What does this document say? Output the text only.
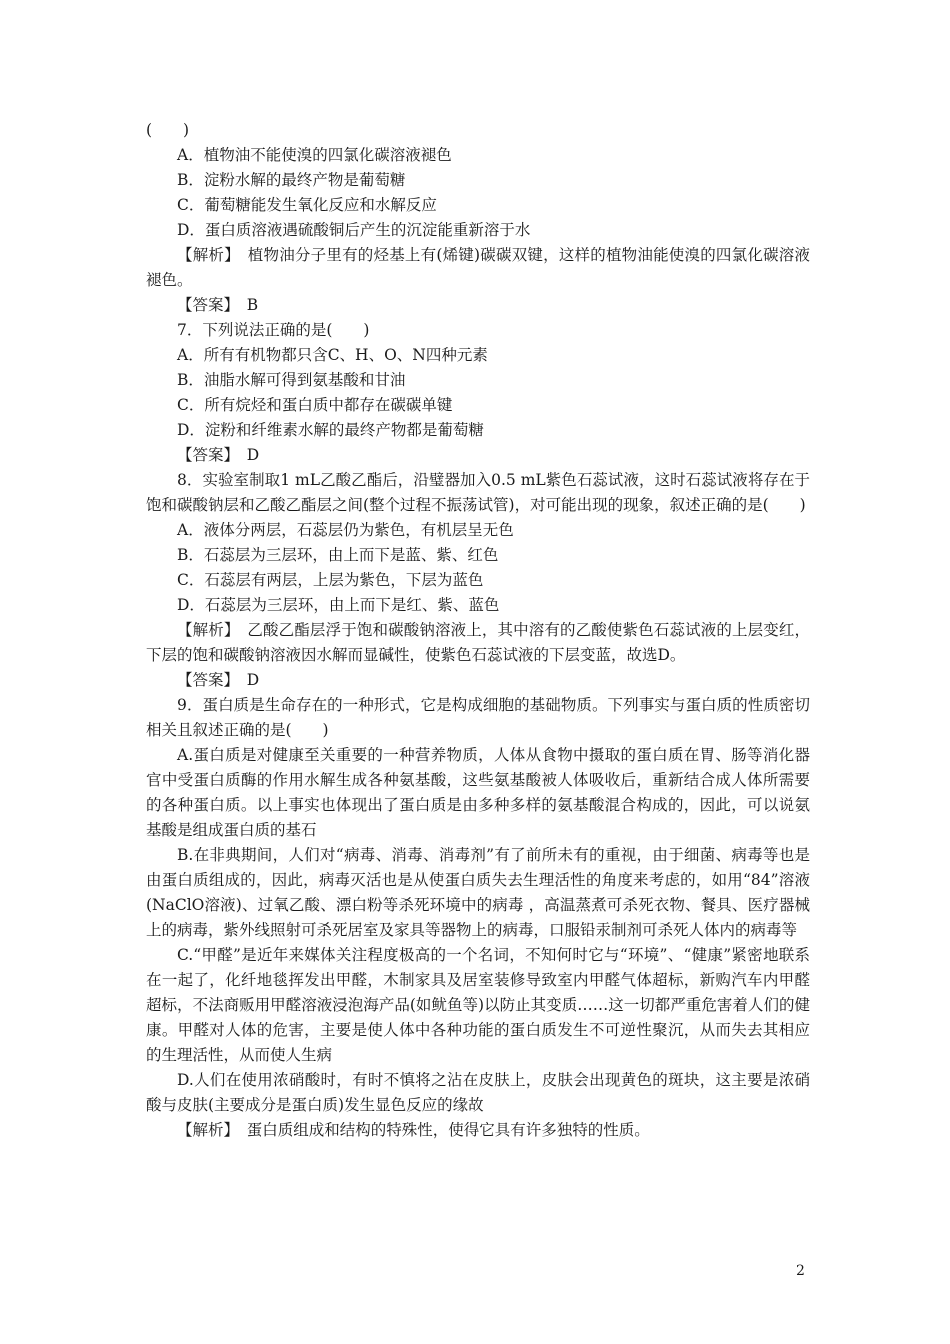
(　　)
A．植物油不能使溴的四氯化碳溶液褪色
B．淀粉水解的最终产物是葡萄糖
C．葡萄糖能发生氧化反应和水解反应
D．蛋白质溶液遇硫酸铜后产生的沉淀能重新溶于水
【解析】　植物油分子里有的烃基上有(烯键)碳碳双键，这样的植物油能使溴的四氯化碳溶液褪色。
【答案】　B
7．下列说法正确的是(　　)
A．所有有机物都只含C、H、O、N四种元素
B．油脂水解可得到氨基酸和甘油
C．所有烷烃和蛋白质中都存在碳碳单键
D．淀粉和纤维素水解的最终产物都是葡萄糖
【答案】　D
8．实验室制取1 mL乙酸乙酯后，沿璧器加入0.5 mL紫色石蕊试液，这时石蕊试液将存在于饱和碳酸钠层和乙酸乙酯层之间(整个过程不振荡试管)，对可能出现的现象，叙述正确的是(　　)
A．液体分两层，石蕊层仍为紫色，有机层呈无色
B．石蕊层为三层环，由上而下是蓝、紫、红色
C．石蕊层有两层，上层为紫色，下层为蓝色
D．石蕊层为三层环，由上而下是红、紫、蓝色
【解析】　乙酸乙酯层浮于饱和碳酸钠溶液上，其中溶有的乙酸使紫色石蕊试液的上层变红，下层的饱和碳酸钠溶液因水解而显碱性，使紫色石蕊试液的下层变蓝，故选D。
【答案】　D
9．蛋白质是生命存在的一种形式，它是构成细胞的基础物质。下列事实与蛋白质的性质密切相关且叙述正确的是(　　)
A.蛋白质是对健康至关重要的一种营养物质，人体从食物中摄取的蛋白质在胃、肠等消化器官中受蛋白质酶的作用水解生成各种氨基酸，这些氨基酸被人体吸收后，重新结合成人体所需要的各种蛋白质。以上事实也体现出了蛋白质是由多种多样的氨基酸混合构成的，因此，可以说氨基酸是组成蛋白质的基石
B.在非典期间，人们对“病毒、消毒、消毒剂”有了前所未有的重视，由于细菌、病毒等也是由蛋白质组成的，因此，病毒灭活也是从使蛋白质失去生理活性的角度来考虑的，如用“84”溶液(NaClO溶液)、过氧乙酸、漂白粉等杀死环境中的病毒 ，高温蒸煮可杀死衣物、餐具、医疗器械上的病毒，紫外线照射可杀死居室及家具等器物上的病毒，口服铅汞制剂可杀死人体内的病毒等
C.“甲醛”是近年来媒体关注程度极高的一个名词，不知何时它与“环境”、“健康”紧密地联系在一起了，化纤地毯挥发出甲醛，木制家具及居室装修导致室内甲醛气体超标，新购汽车内甲醛超标，不法商贩用甲醛溶液浸泡海产品(如鱿鱼等)以防止其变质……这一切都严重危害着人们的健康。甲醛对人体的危害，主要是使人体中各种功能的蛋白质发生不可逆性聚沉，从而失去其相应的生理活性，从而使人生病
D.人们在使用浓硝酸时，有时不慎将之沾在皮肤上，皮肤会出现黄色的斑块，这主要是浓硝酸与皮肤(主要成分是蛋白质)发生显色反应的缘故
【解析】　蛋白质组成和结构的特殊性，使得它具有许多独特的性质。
2
